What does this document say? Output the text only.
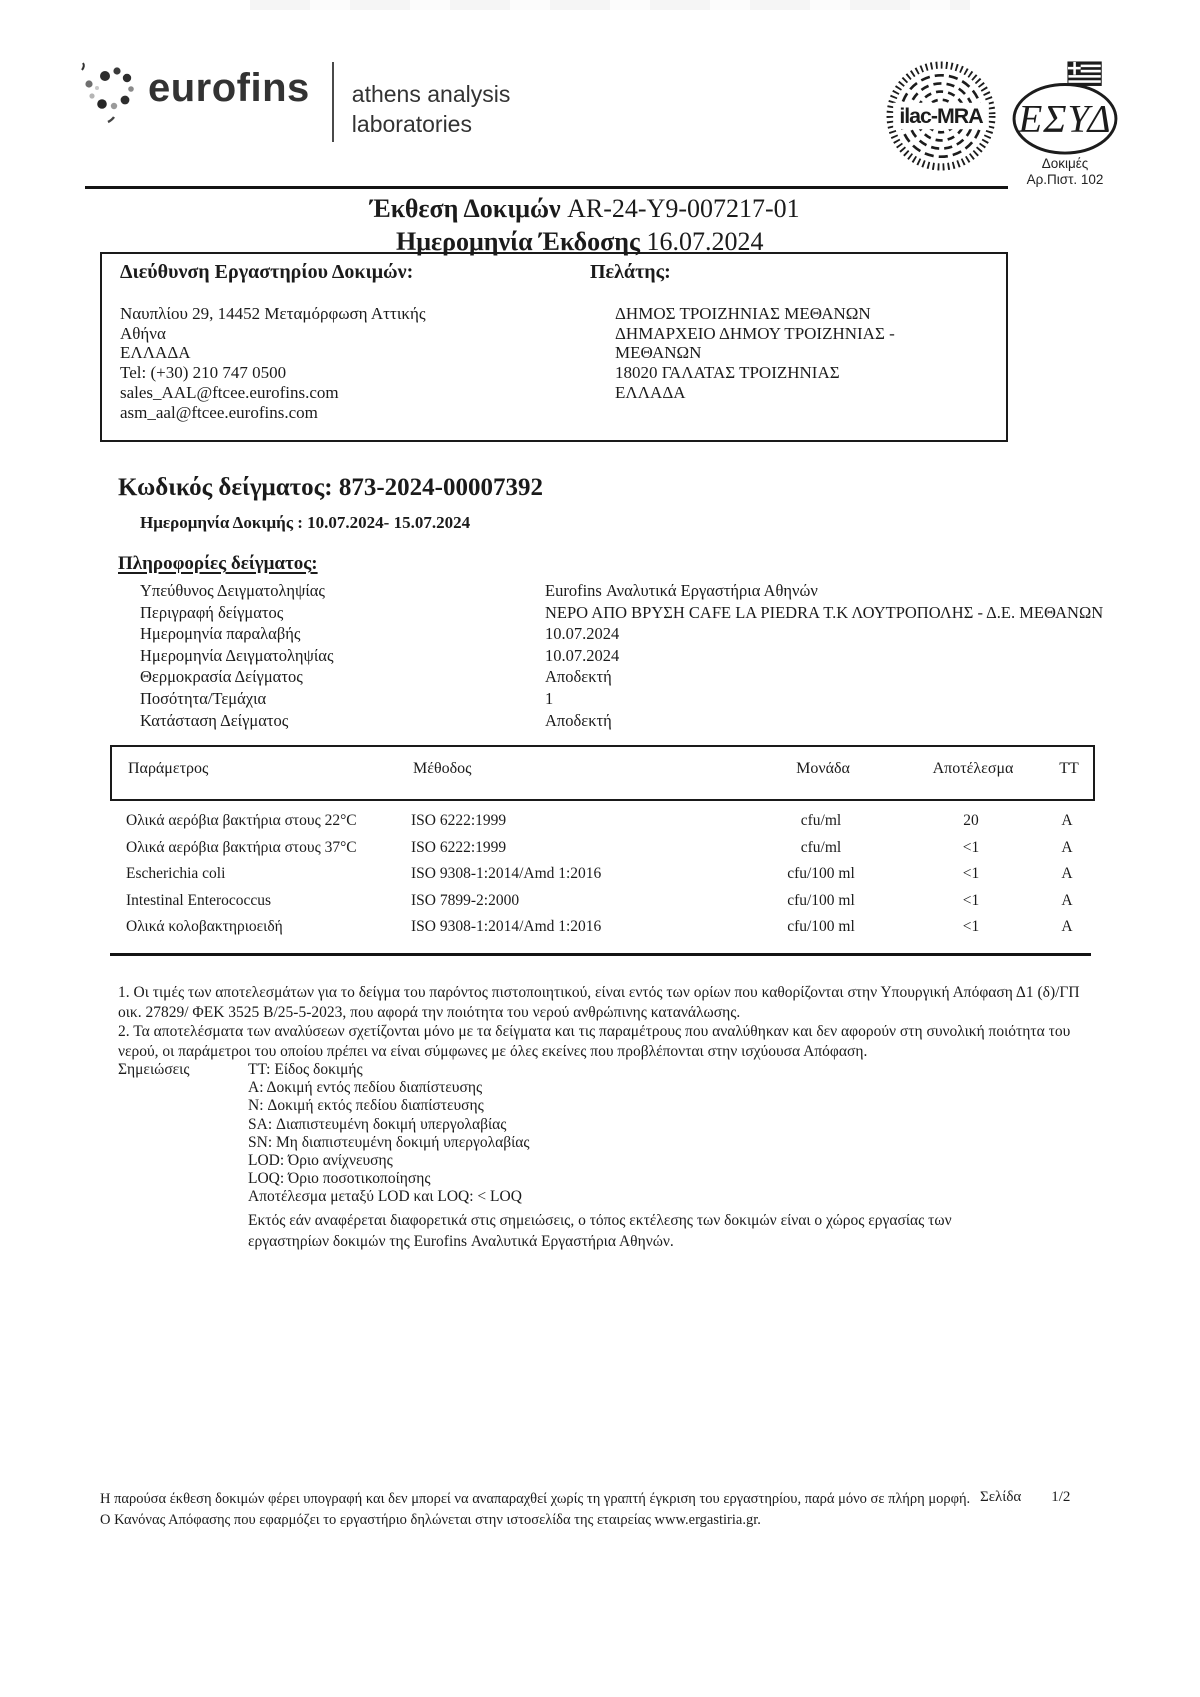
eurofins athens analysis
laboratories	ilac-MRA ΕΣΥΔ
Δοκιμές
Αρ.Πιστ. 102
Έκθεση Δοκιμών AR-24-Y9-007217-01
Ημερομηνία Έκδοσης 16.07.2024
Διεύθυνση Εργαστηρίου Δοκιμών:	Πελάτης:
Ναυπλίου 29, 14452 Μεταμόρφωση Αττικής
Αθήνα
ΕΛΛΑΔΑ
Tel: (+30) 210 747 0500
sales_AAL@ftcee.eurofins.com
asm_aal@ftcee.eurofins.com
ΔΗΜΟΣ ΤΡΟΙΖΗΝΙΑΣ ΜΕΘΑΝΩΝ
ΔΗΜΑΡΧΕΙΟ ΔΗΜΟΥ ΤΡΟΙΖΗΝΙΑΣ - ΜΕΘΑΝΩΝ
18020 ΓΑΛΑΤΑΣ ΤΡΟΙΖΗΝΙΑΣ
ΕΛΛΑΔΑ
Κωδικός δείγματος: 873-2024-00007392
Ημερομηνία Δοκιμής : 10.07.2024- 15.07.2024
Πληροφορίες δείγματος:
Υπεύθυνος Δειγματοληψίας	Eurofins Αναλυτικά Εργαστήρια Αθηνών
Περιγραφή δείγματος	ΝΕΡΟ ΑΠΟ ΒΡΥΣΗ CAFE LA PIEDRA Τ.Κ ΛΟΥΤΡΟΠΟΛΗΣ - Δ.Ε. ΜΕΘΑΝΩΝ
Ημερομηνία παραλαβής	10.07.2024
Ημερομηνία Δειγματοληψίας	10.07.2024
Θερμοκρασία Δείγματος	Αποδεκτή
Ποσότητα/Τεμάχια	1
Κατάσταση Δείγματος	Αποδεκτή
Παράμετρος	Μέθοδος	Μονάδα	Αποτέλεσμα	TT
Ολικά αερόβια βακτήρια στους 22°C	ISO 6222:1999	cfu/ml	20	A
Ολικά αερόβια βακτήρια στους 37°C	ISO 6222:1999	cfu/ml	<1	A
Escherichia coli	ISO 9308-1:2014/Amd 1:2016	cfu/100 ml	<1	A
Intestinal Enterococcus	ISO 7899-2:2000	cfu/100 ml	<1	A
Ολικά κολοβακτηριοειδή	ISO 9308-1:2014/Amd 1:2016	cfu/100 ml	<1	A
1. Οι τιμές των αποτελεσμάτων για το δείγμα του παρόντος πιστοποιητικού, είναι εντός των ορίων που καθορίζονται στην Υπουργική Απόφαση Δ1 (δ)/ΓΠ οικ. 27829/ ΦΕΚ 3525 Β/25-5-2023, που αφορά την ποιότητα του νερού ανθρώπινης κατανάλωσης.
2. Τα αποτελέσματα των αναλύσεων σχετίζονται μόνο με τα δείγματα και τις παραμέτρους που αναλύθηκαν και δεν αφορούν στη συνολική ποιότητα του νερού, οι παράμετροι του οποίου πρέπει να είναι σύμφωνες με όλες εκείνες που προβλέπονται στην ισχύουσα Απόφαση.
Σημειώσεις	TT: Είδος δοκιμής
Α: Δοκιμή εντός πεδίου διαπίστευσης
N: Δοκιμή εκτός πεδίου διαπίστευσης
SA: Διαπιστευμένη δοκιμή υπεργολαβίας
SN: Μη διαπιστευμένη δοκιμή υπεργολαβίας
LOD: Όριο ανίχνευσης
LOQ: Όριο ποσοτικοποίησης
Αποτέλεσμα μεταξύ LOD και LOQ: < LOQ
Εκτός εάν αναφέρεται διαφορετικά στις σημειώσεις, ο τόπος εκτέλεσης των δοκιμών είναι ο χώρος εργασίας των εργαστηρίων δοκιμών της Eurofins Αναλυτικά Εργαστήρια Αθηνών.
Η παρούσα έκθεση δοκιμών φέρει υπογραφή και δεν μπορεί να αναπαραχθεί χωρίς τη γραπτή έγκριση του εργαστηρίου, παρά μόνο σε πλήρη μορφή.
Ο Κανόνας Απόφασης που εφαρμόζει το εργαστήριο δηλώνεται στην ιστοσελίδα της εταιρείας www.ergastiria.gr.
Σελίδα 1/2
